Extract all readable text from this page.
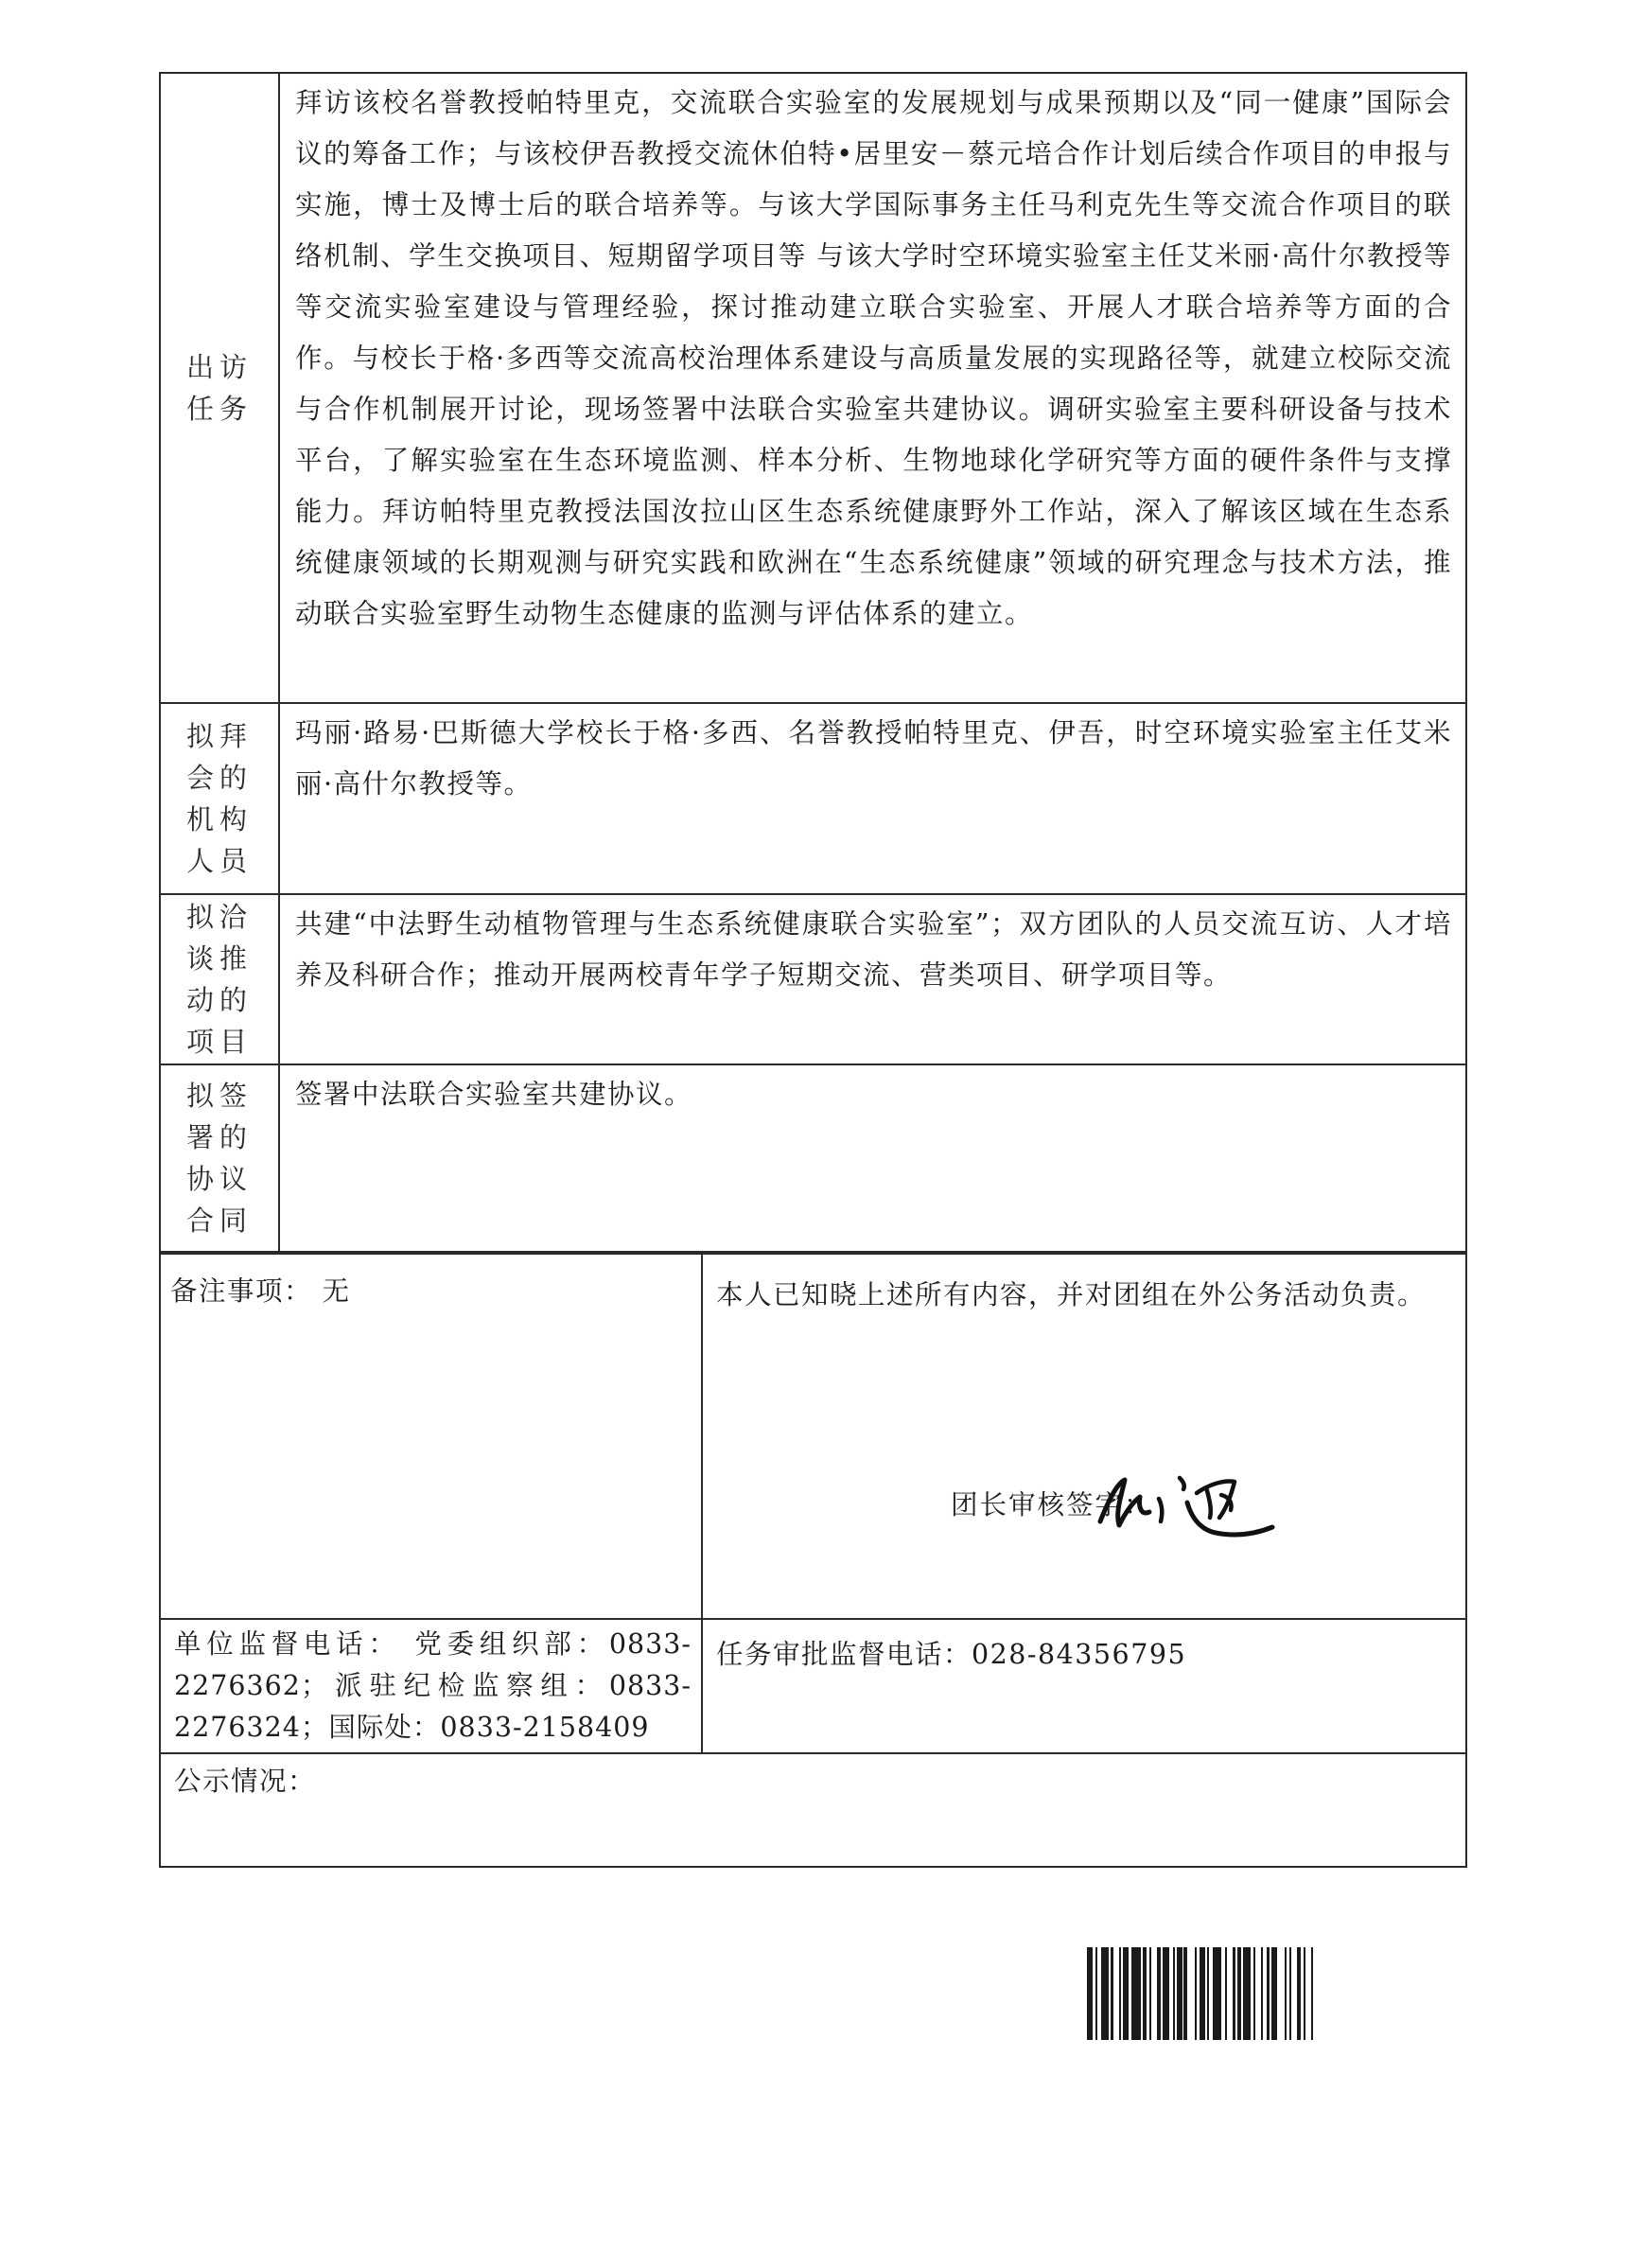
出访
任务	拜访该校名誉教授帕特里克，交流联合实验室的发展规划与成果预期以及“同一健康”国际会议的筹备工作；与该校伊吾教授交流休伯特•居里安－蔡元培合作计划后续合作项目的申报与实施，博士及博士后的联合培养等。与该大学国际事务主任马利克先生等交流合作项目的联络机制、学生交换项目、短期留学项目等 与该大学时空环境实验室主任艾米丽·高什尔教授等等交流实验室建设与管理经验，探讨推动建立联合实验室、开展人才联合培养等方面的合作。与校长于格·多西等交流高校治理体系建设与高质量发展的实现路径等，就建立校际交流与合作机制展开讨论，现场签署中法联合实验室共建协议。调研实验室主要科研设备与技术平台，了解实验室在生态环境监测、样本分析、生物地球化学研究等方面的硬件条件与支撑能力。拜访帕特里克教授法国汝拉山区生态系统健康野外工作站，深入了解该区域在生态系统健康领域的长期观测与研究实践和欧洲在“生态系统健康”领域的研究理念与技术方法，推动联合实验室野生动物生态健康的监测与评估体系的建立。

拟拜
会的
机构
人员	玛丽·路易·巴斯德大学校长于格·多西、名誉教授帕特里克、伊吾，时空环境实验室主任艾米丽·高什尔教授等。

拟洽
谈推
动的
项目	共建“中法野生动植物管理与生态系统健康联合实验室”；双方团队的人员交流互访、人才培养及科研合作；推动开展两校青年学子短期交流、营类项目、研学项目等。

拟签
署的
协议
合同	签署中法联合实验室共建协议。
备注事项： 无	本人已知晓上述所有内容，并对团组在外公务活动负责。
团长审核签字：

单位监督电话： 党委组织部：0833-2276362；派驻纪检监察组：0833-2276324；国际处：0833-2158409	任务审批监督电话：028-84356795

公示情况：	
